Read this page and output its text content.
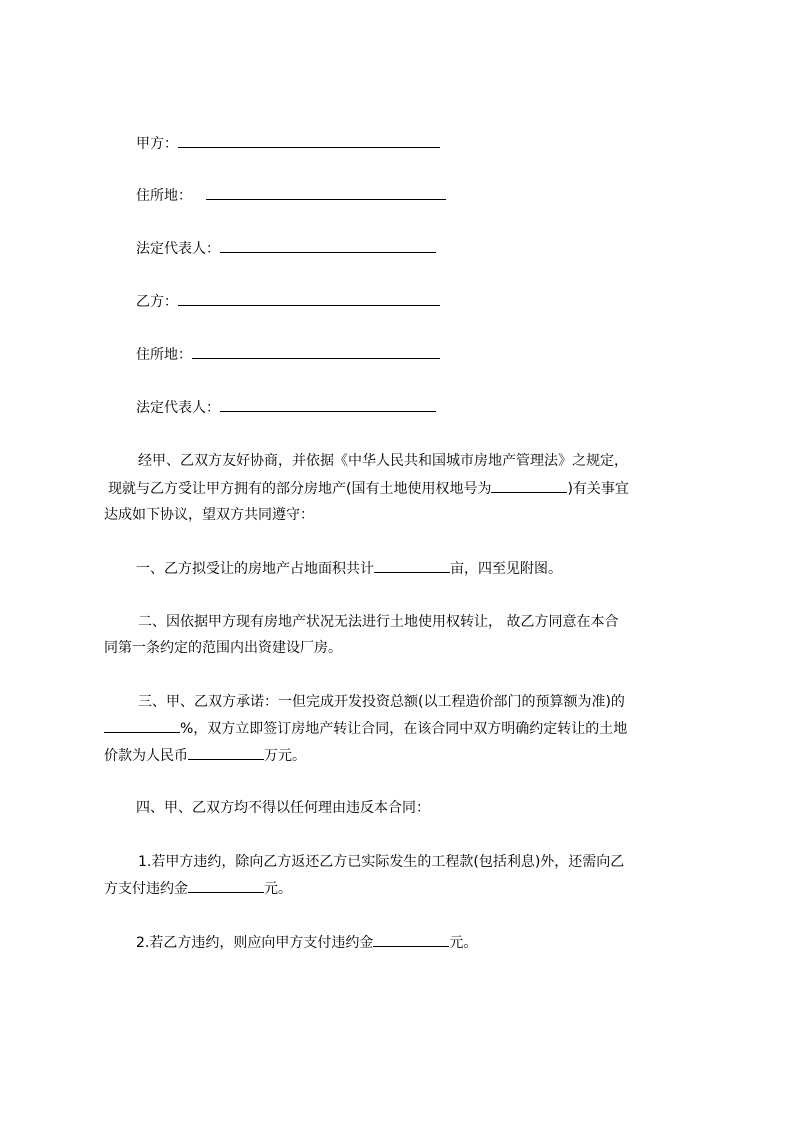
甲方：
住所地：
法定代表人：
乙方：
住所地：
法定代表人：
经甲、乙双方友好协商，并依据《中华人民共和国城市房地产管理法》之规定，
现就与乙方受让甲方拥有的部分房地产(国有土地使用权地号为	)有关事宜
达成如下协议，望双方共同遵守：
一、乙方拟受让的房地产占地面积共计	亩，四至见附图。
二、因依据甲方现有房地产状况无法进行土地使用权转让， 故乙方同意在本合
同第一条约定的范围内出资建设厂房。
三、甲、乙双方承诺：一但完成开发投资总额(以工程造价部门的预算额为准)的
%，双方立即签订房地产转让合同，在该合同中双方明确约定转让的土地
价款为人民币	万元。
四、甲、乙双方均不得以任何理由违反本合同：
1.若甲方违约，除向乙方返还乙方已实际发生的工程款(包括利息)外，还需向乙
方支付违约金	元。
2.若乙方违约，则应向甲方支付违约金	元。
